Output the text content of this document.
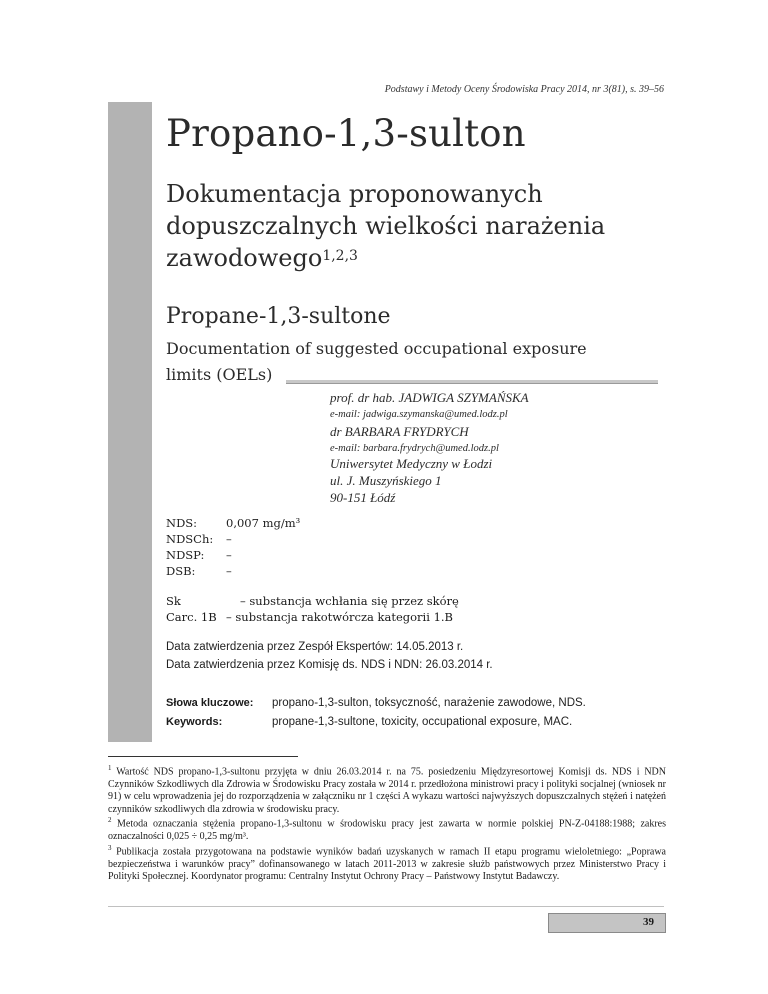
Podstawy i Metody Oceny Środowiska Pracy 2014, nr 3(81), s. 39–56
Propano-1,3-sulton
Dokumentacja proponowanych dopuszczalnych wielkości narażenia zawodowego$^{1,2,3}$
Propane-1,3-sultone
Documentation of suggested occupational exposure limits (OELs)
prof. dr hab. JADWIGA SZYMAŃSKA
e-mail: jadwiga.szymanska@umed.lodz.pl
dr BARBARA FRYDRYCH
e-mail: barbara.frydrych@umed.lodz.pl
Uniwersytet Medyczny w Łodzi
ul. J. Muszyńskiego 1
90-151 Łódź
NDS:	0,007 mg/m³
NDSCh: –
NDSP: –
DSB:	–
Sk	– substancja wchłania się przez skórę
Carc. 1B – substancja rakotwórcza kategorii 1.B
Data zatwierdzenia przez Zespół Ekspertów: 14.05.2013 r.
Data zatwierdzenia przez Komisję ds. NDS i NDN: 26.03.2014 r.
Słowa kluczowe: propano-1,3-sulton, toksyczność, narażenie zawodowe, NDS.
Keywords:	propane-1,3-sultone, toxicity, occupational exposure, MAC.
$^1$ Wartość NDS propano-1,3-sultonu przyjęta w dniu 26.03.2014 r. na 75. posiedzeniu Międzyresortowej Komisji ds. NDS i NDN Czynników Szkodliwych dla Zdrowia w Środowisku Pracy została w 2014 r. przedłożona ministrowi pracy i polityki socjalnej (wniosek nr 91) w celu wprowadzenia jej do rozporządzenia w załączniku nr 1 części A wykazu wartości najwyższych dopuszczalnych stężeń i natężeń czynników szkodliwych dla zdrowia w środowisku pracy.
$^2$ Metoda oznaczania stężenia propano-1,3-sultonu w środowisku pracy jest zawarta w normie polskiej PN-Z-04188:1988; zakres oznaczalności 0,025 ÷ 0,25 mg/m³.
$^3$ Publikacja została przygotowana na podstawie wyników badań uzyskanych w ramach II etapu programu wieloletniego: „Poprawa bezpieczeństwa i warunków pracy” dofinansowanego w latach 2011-2013 w zakresie służb państwowych przez Ministerstwo Pracy i Polityki Społecznej. Koordynator programu: Centralny Instytut Ochrony Pracy – Państwowy Instytut Badawczy.
39
